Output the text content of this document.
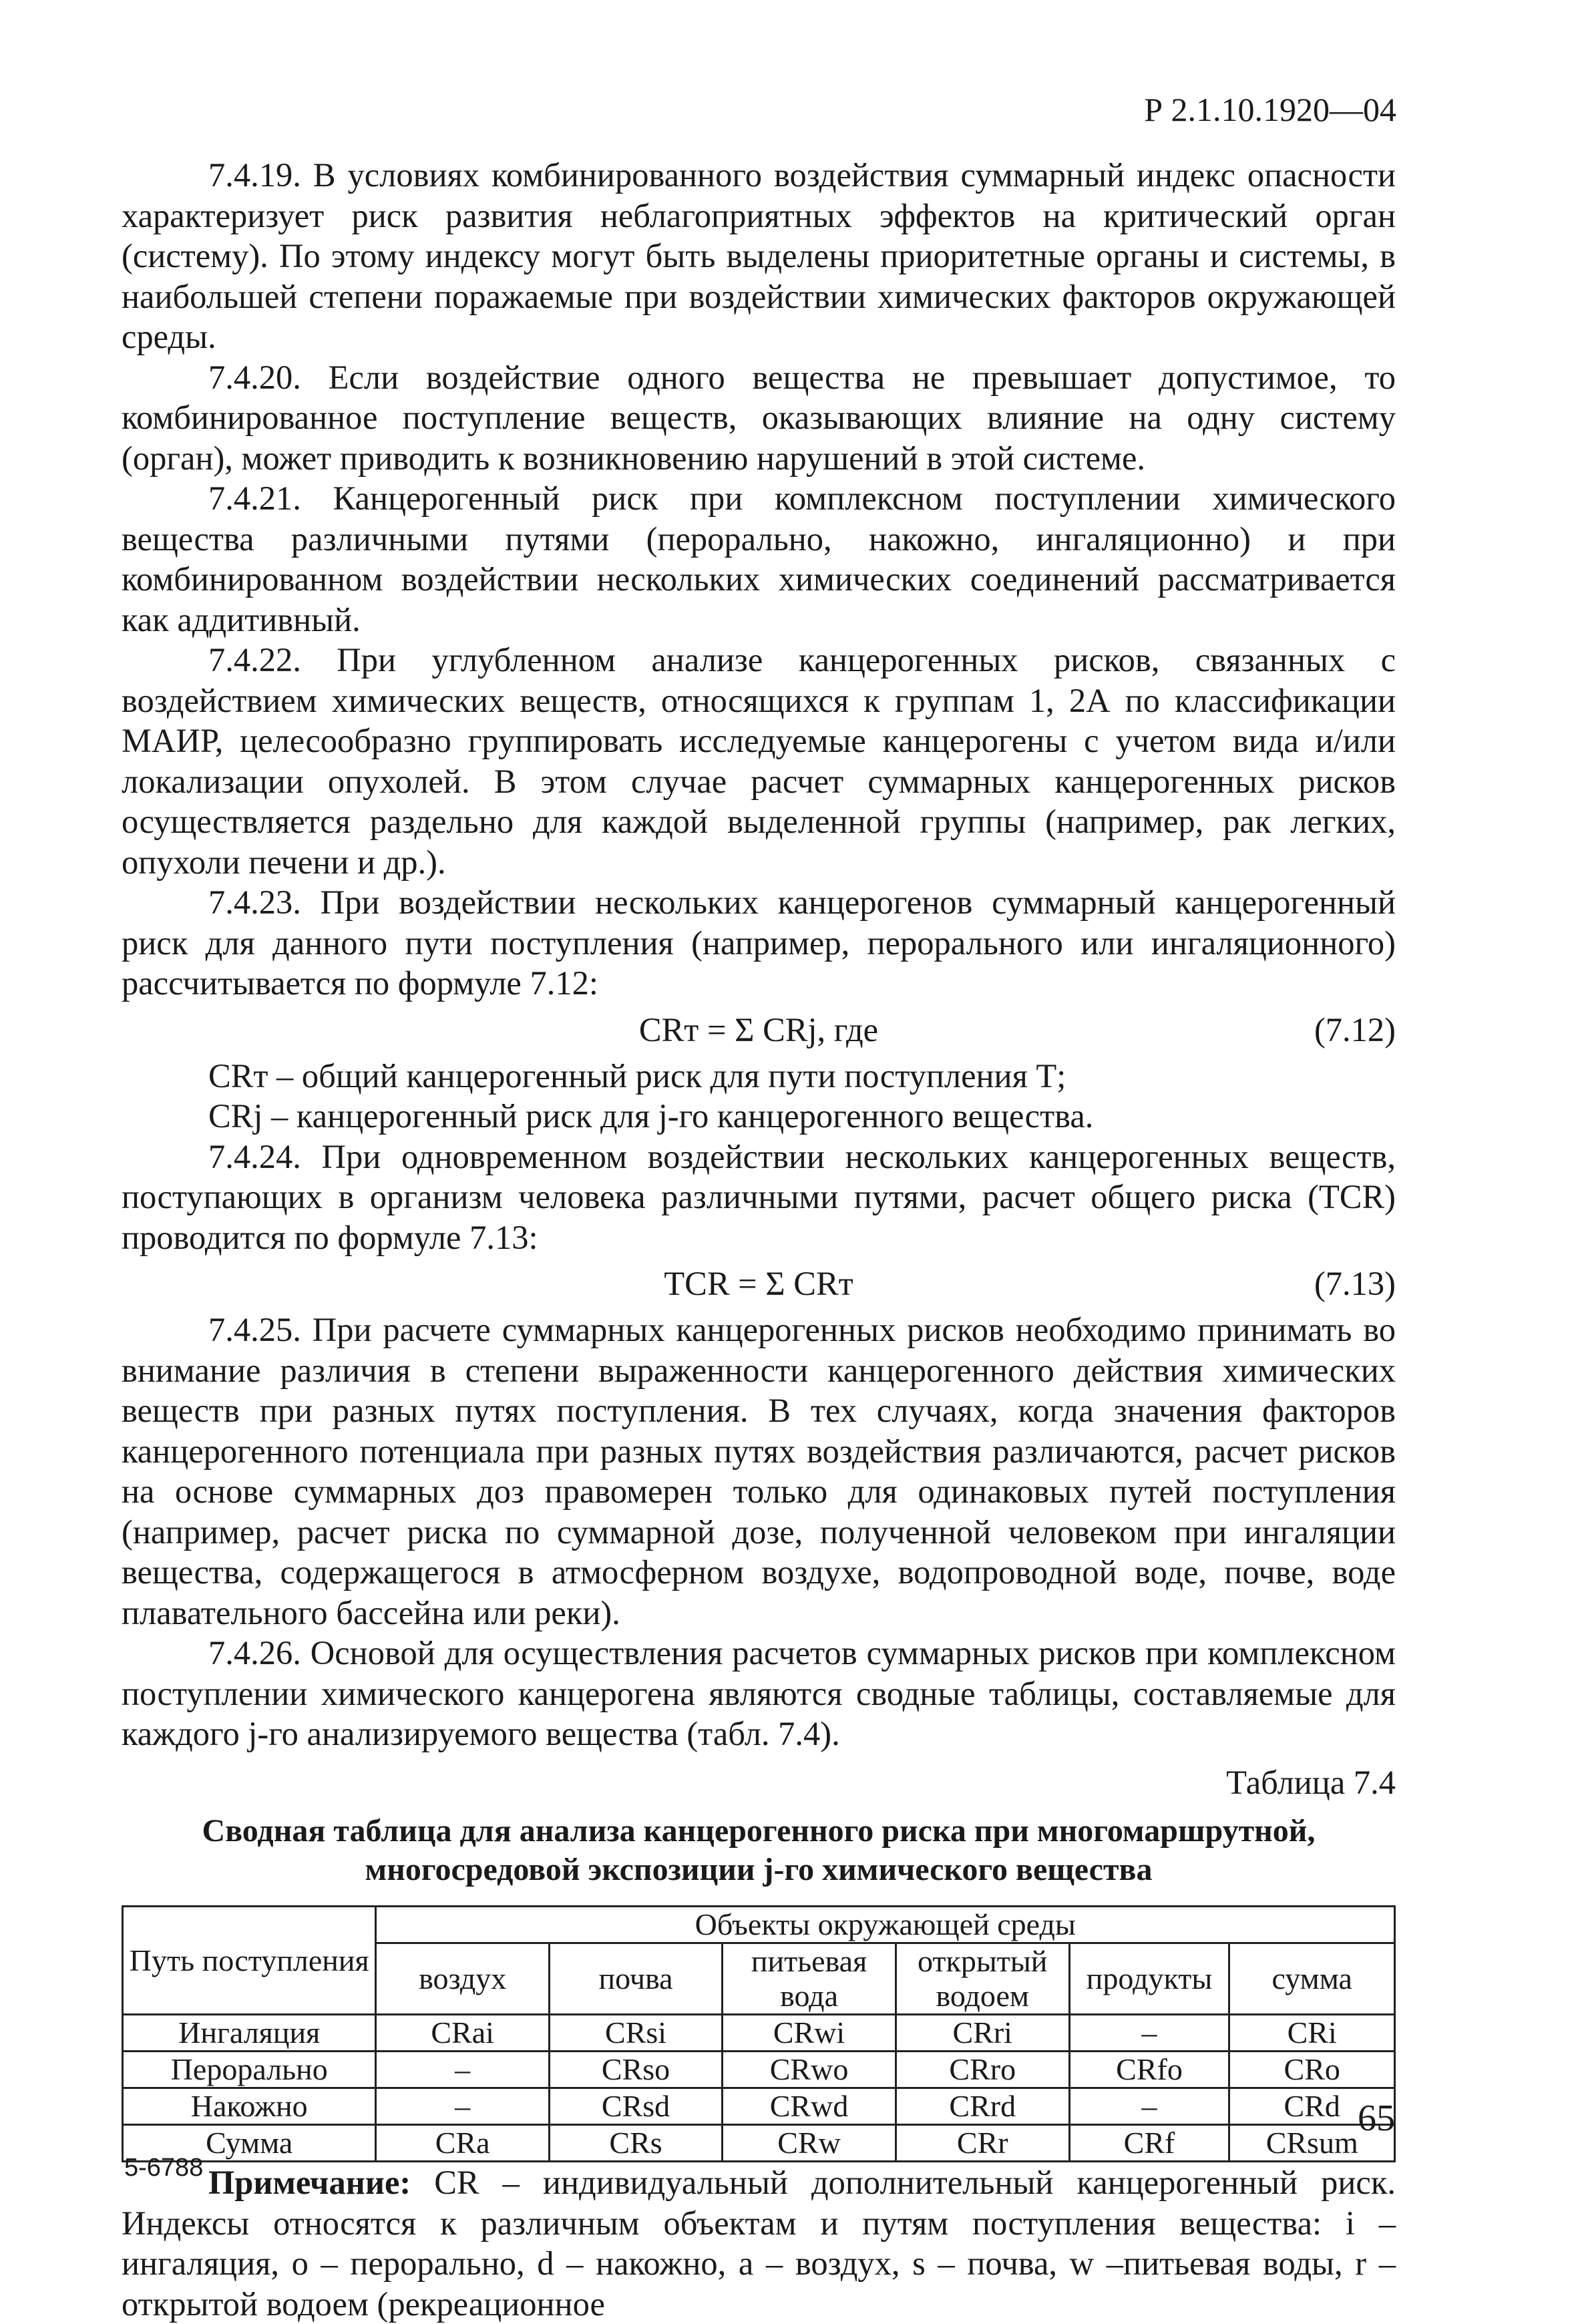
Р 2.1.10.1920—04

7.4.19. В условиях комбинированного воздействия суммарный индекс опасности характеризует риск развития неблагоприятных эффектов на критический орган (систему). По этому индексу могут быть выделены приоритетные органы и системы, в наибольшей степени поражаемые при воздействии химических факторов окружающей среды.

7.4.20. Если воздействие одного вещества не превышает допустимое, то комбинированное поступление веществ, оказывающих влияние на одну систему (орган), может приводить к возникновению нарушений в этой системе.

7.4.21. Канцерогенный риск при комплексном поступлении химического вещества различными путями (перорально, накожно, ингаляционно) и при комбинированном воздействии нескольких химических соединений рассматривается как аддитивный.

7.4.22. При углубленном анализе канцерогенных рисков, связанных с воздействием химических веществ, относящихся к группам 1, 2А по классификации МАИР, целесообразно группировать исследуемые канцерогены с учетом вида и/или локализации опухолей. В этом случае расчет суммарных канцерогенных рисков осуществляется раздельно для каждой выделенной группы (например, рак легких, опухоли печени и др.).

7.4.23. При воздействии нескольких канцерогенов суммарный канцерогенный риск для данного пути поступления (например, перорального или ингаляционного) рассчитывается по формуле 7.12:

CRт = Σ CRj, где	(7.12)

CRт – общий канцерогенный риск для пути поступления Т;

CRj – канцерогенный риск для j-го канцерогенного вещества.

7.4.24. При одновременном воздействии нескольких канцерогенных веществ, поступающих в организм человека различными путями, расчет общего риска (TCR) проводится по формуле 7.13:

TCR = Σ CRт	(7.13)

7.4.25. При расчете суммарных канцерогенных рисков необходимо принимать во внимание различия в степени выраженности канцерогенного действия химических веществ при разных путях поступления. В тех случаях, когда значения факторов канцерогенного потенциала при разных путях воздействия различаются, расчет рисков на основе суммарных доз правомерен только для одинаковых путей поступления (например, расчет риска по суммарной дозе, полученной человеком при ингаляции вещества, содержащегося в атмосферном воздухе, водопроводной воде, почве, воде плавательного бассейна или реки).

7.4.26. Основой для осуществления расчетов суммарных рисков при комплексном поступлении химического канцерогена являются сводные таблицы, составляемые для каждого j-го анализируемого вещества (табл. 7.4).

Таблица 7.4
Сводная таблица для анализа канцерогенного риска при многомаршрутной,
многосредовой экспозиции j-го химического вещества
Путь поступления	Объекты окружающей среды					
	воздух	почва	питьевая вода	открытый водоем	продукты	сумма
Ингаляция	CRai	CRsi	CRwi	CRri	–	CRi
Перорально	–	CRso	CRwo	CRro	CRfo	CRo
Накожно	–	CRsd	CRwd	CRrd	–	CRd
Сумма	CRa	CRs	CRw	CRr	CRf	CRsum

Примечание: CR – индивидуальный дополнительный канцерогенный риск. Индексы относятся к различным объектам и путям поступления вещества: i – ингаляция, o – перорально, d – накожно, a – воздух, s – почва, w –питьевая воды, r – открытой водоем (рекреационное

65
5-6788
